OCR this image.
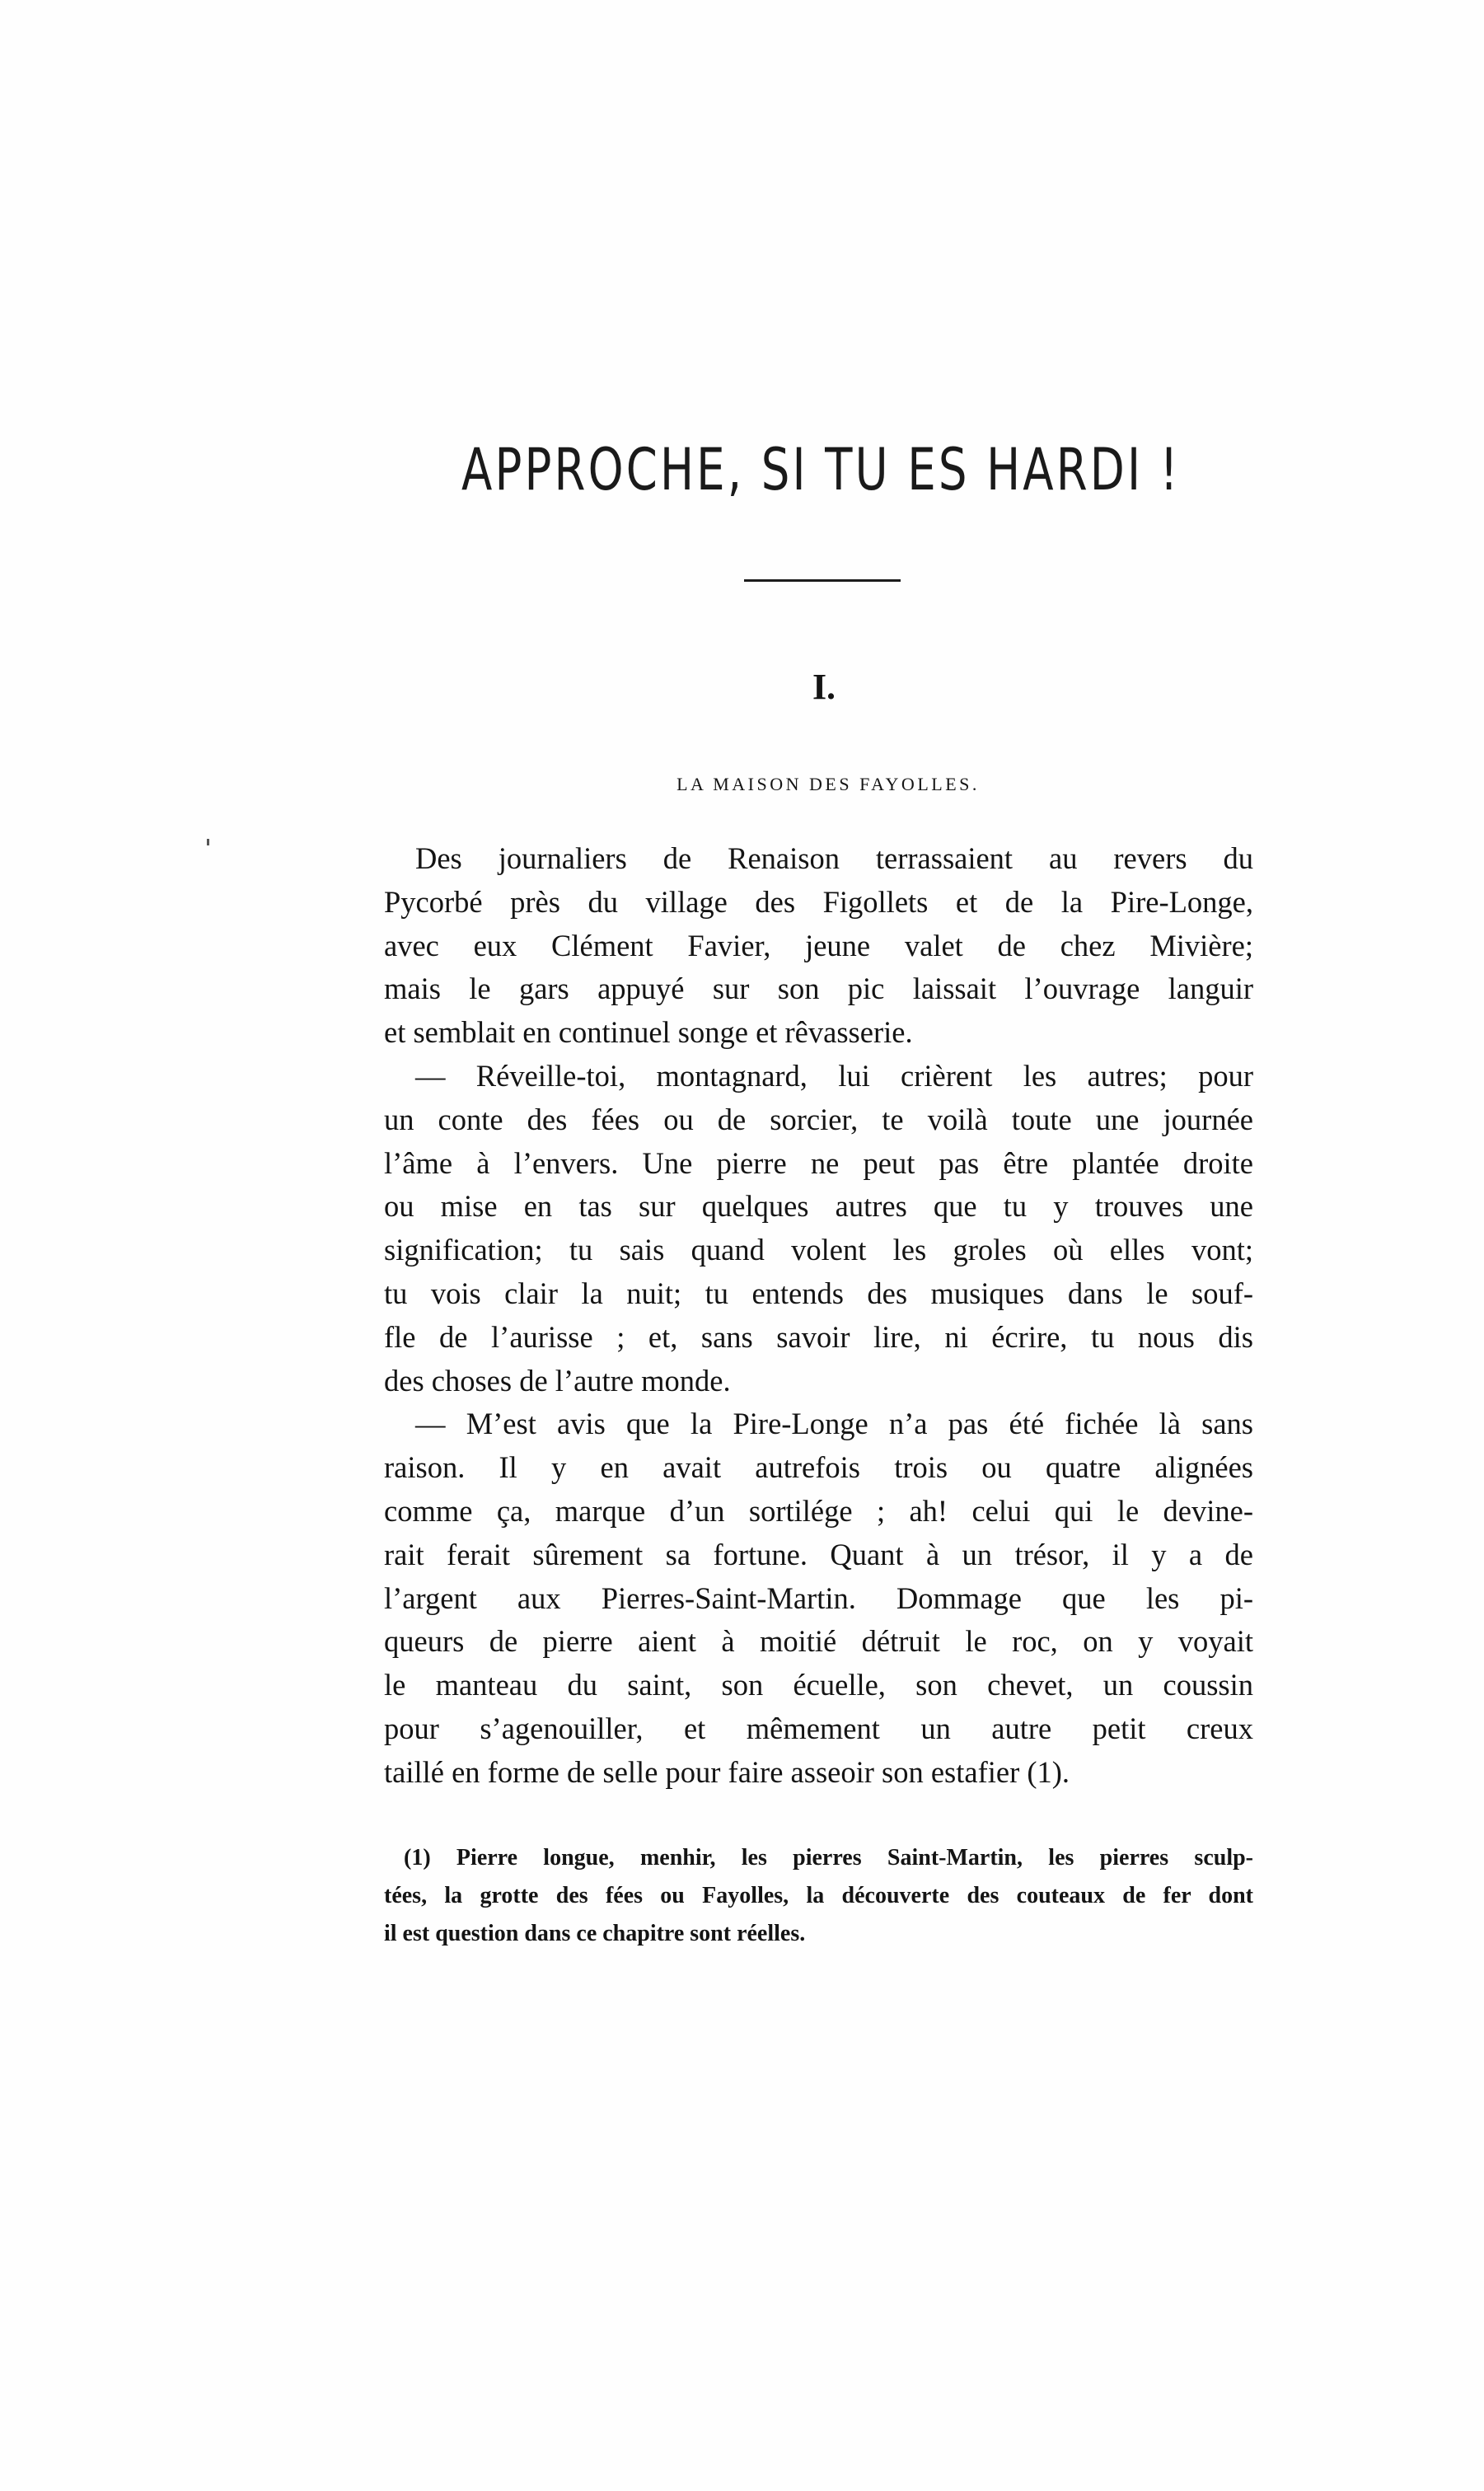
APPROCHE, SI TU ES HARDI !
I.
LA MAISON DES FAYOLLES.
Des journaliers de Renaison terrassaient au revers du
Pycorbé près du village des Figollets et de la Pire-Longe,
avec eux Clément Favier, jeune valet de chez Mivière;
mais le gars appuyé sur son pic laissait l’ouvrage languir
et semblait en continuel songe et rêvasserie.
— Réveille-toi, montagnard, lui crièrent les autres; pour
un conte des fées ou de sorcier, te voilà toute une journée
l’âme à l’envers. Une pierre ne peut pas être plantée droite
ou mise en tas sur quelques autres que tu y trouves une
signification; tu sais quand volent les groles où elles vont;
tu vois clair la nuit; tu entends des musiques dans le souf-
fle de l’aurisse ; et, sans savoir lire, ni écrire, tu nous dis
des choses de l’autre monde.
— M’est avis que la Pire-Longe n’a pas été fichée là sans
raison. Il y en avait autrefois trois ou quatre alignées
comme ça, marque d’un sortilége ; ah! celui qui le devine-
rait ferait sûrement sa fortune. Quant à un trésor, il y a de
l’argent aux Pierres-Saint-Martin. Dommage que les pi-
queurs de pierre aient à moitié détruit le roc, on y voyait
le manteau du saint, son écuelle, son chevet, un coussin
pour s’agenouiller, et mêmement un autre petit creux
taillé en forme de selle pour faire asseoir son estafier (1).
(1) Pierre longue, menhir, les pierres Saint-Martin, les pierres sculp-
tées, la grotte des fées ou Fayolles, la découverte des couteaux de fer dont
il est question dans ce chapitre sont réelles.
